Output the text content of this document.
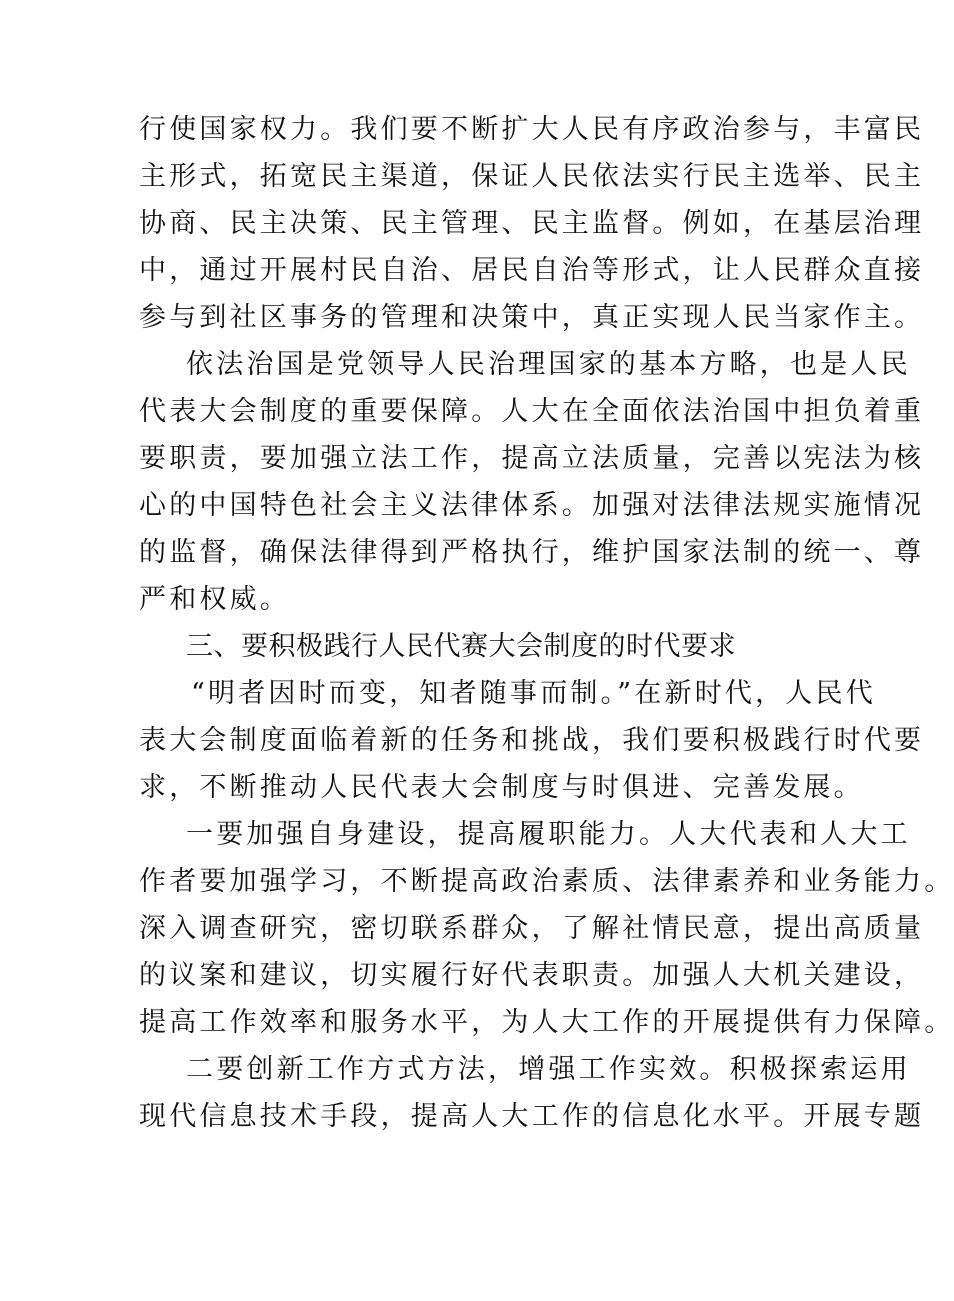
行使国家权力。我们要不断扩大人民有序政治参与，丰富民
主形式，拓宽民主渠道，保证人民依法实行民主选举、民主
协商、民主决策、民主管理、民主监督。例如，在基层治理
中，通过开展村民自治、居民自治等形式，让人民群众直接
参与到社区事务的管理和决策中，真正实现人民当家作主。
依法治国是党领导人民治理国家的基本方略，也是人民
代表大会制度的重要保障。人大在全面依法治国中担负着重
要职责，要加强立法工作，提高立法质量，完善以宪法为核
心的中国特色社会主义法律体系。加强对法律法规实施情况
的监督，确保法律得到严格执行，维护国家法制的统一、尊
严和权威。
三、要积极践行人民代赛大会制度的时代要求
“明者因时而变，知者随事而制。”在新时代，人民代
表大会制度面临着新的任务和挑战，我们要积极践行时代要
求，不断推动人民代表大会制度与时俱进、完善发展。
一要加强自身建设，提高履职能力。人大代表和人大工
作者要加强学习，不断提高政治素质、法律素养和业务能力。
深入调查研究，密切联系群众，了解社情民意，提出高质量
的议案和建议，切实履行好代表职责。加强人大机关建设，
提高工作效率和服务水平，为人大工作的开展提供有力保障。
二要创新工作方式方法，增强工作实效。积极探索运用
现代信息技术手段，提高人大工作的信息化水平。开展专题
